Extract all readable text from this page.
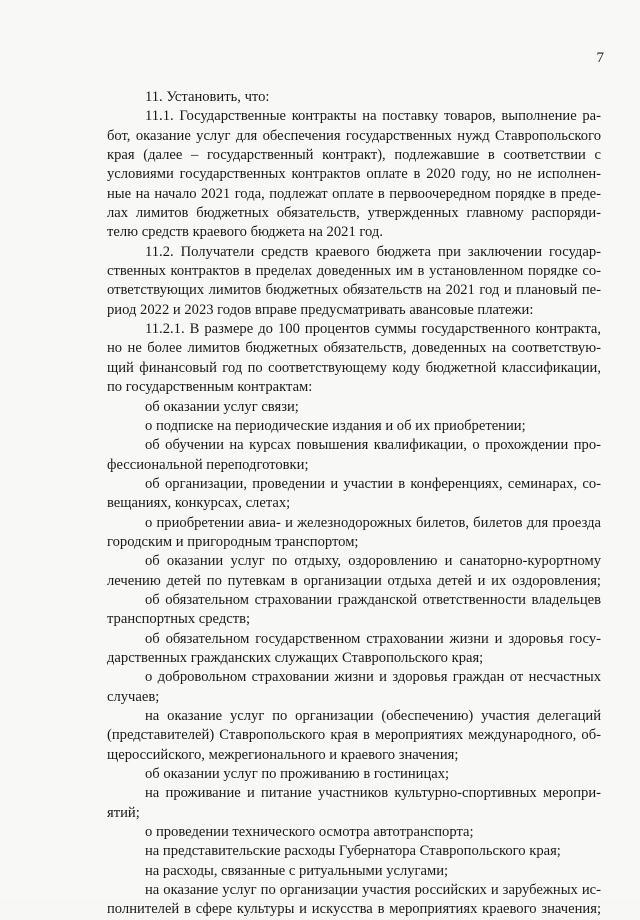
7
11. Установить, что:
11.1. Государственные контракты на поставку товаров, выполнение ра-
бот, оказание услуг для обеспечения государственных нужд Ставропольского
края (далее – государственный контракт), подлежавшие в соответствии с
условиями государственных контрактов оплате в 2020 году, но не исполнен-
ные на начало 2021 года, подлежат оплате в первоочередном порядке в преде-
лах лимитов бюджетных обязательств, утвержденных главному распоряди-
телю средств краевого бюджета на 2021 год.
11.2. Получатели средств краевого бюджета при заключении государ-
ственных контрактов в пределах доведенных им в установленном порядке со-
ответствующих лимитов бюджетных обязательств на 2021 год и плановый пе-
риод 2022 и 2023 годов вправе предусматривать авансовые платежи:
11.2.1. В размере до 100 процентов суммы государственного контракта,
но не более лимитов бюджетных обязательств, доведенных на соответствую-
щий финансовый год по соответствующему коду бюджетной классификации,
по государственным контрактам:
об оказании услуг связи;
о подписке на периодические издания и об их приобретении;
об обучении на курсах повышения квалификации, о прохождении про-
фессиональной переподготовки;
об организации, проведении и участии в конференциях, семинарах, со-
вещаниях, конкурсах, слетах;
о приобретении авиа- и железнодорожных билетов, билетов для проезда
городским и пригородным транспортом;
об оказании услуг по отдыху, оздоровлению и санаторно-курортному
лечению детей по путевкам в организации отдыха детей и их оздоровления;
об обязательном страховании гражданской ответственности владельцев
транспортных средств;
об обязательном государственном страховании жизни и здоровья госу-
дарственных гражданских служащих Ставропольского края;
о добровольном страховании жизни и здоровья граждан от несчастных
случаев;
на оказание услуг по организации (обеспечению) участия делегаций
(представителей) Ставропольского края в мероприятиях международного, об-
щероссийского, межрегионального и краевого значения;
об оказании услуг по проживанию в гостиницах;
на проживание и питание участников культурно-спортивных меропри-
ятий;
о проведении технического осмотра автотранспорта;
на представительские расходы Губернатора Ставропольского края;
на расходы, связанные с ритуальными услугами;
на оказание услуг по организации участия российских и зарубежных ис-
полнителей в сфере культуры и искусства в мероприятиях краевого значения;
